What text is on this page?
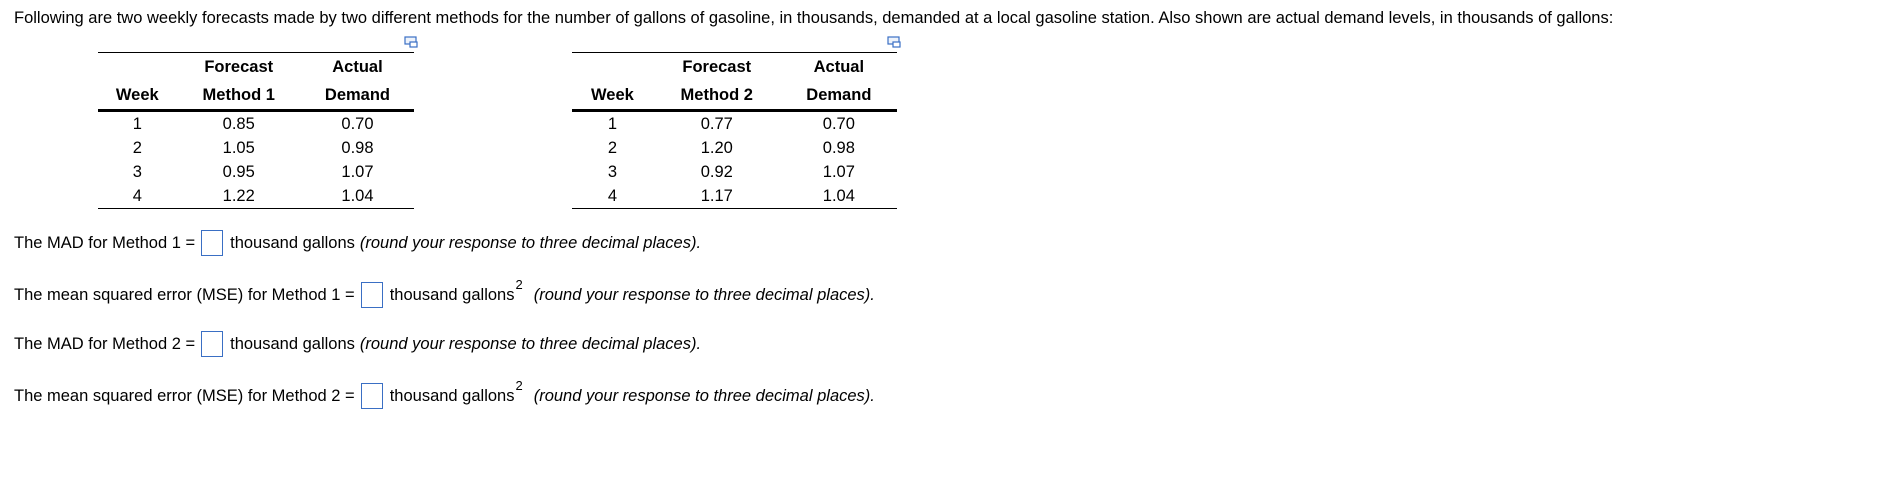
Following are two weekly forecasts made by two different methods for the number of gallons of gasoline, in thousands, demanded at a local gasoline station. Also shown are actual demand levels, in thousands of gallons:

	Forecast	Actual
Week	Method 1	Demand
1	0.85	0.70
2	1.05	0.98
3	0.95	1.07
4	1.22	1.04

	Forecast	Actual
Week	Method 2	Demand
1	0.77	0.70
2	1.20	0.98
3	0.92	1.07
4	1.17	1.04
The MAD for Method 1 = thousand gallons (round your response to three decimal places).
The mean squared error (MSE) for Method 1 = thousand gallons
2
(round your response to three decimal places).
The MAD for Method 2 = thousand gallons (round your response to three decimal places).
The mean squared error (MSE) for Method 2 = thousand gallons
2
(round your response to three decimal places).
